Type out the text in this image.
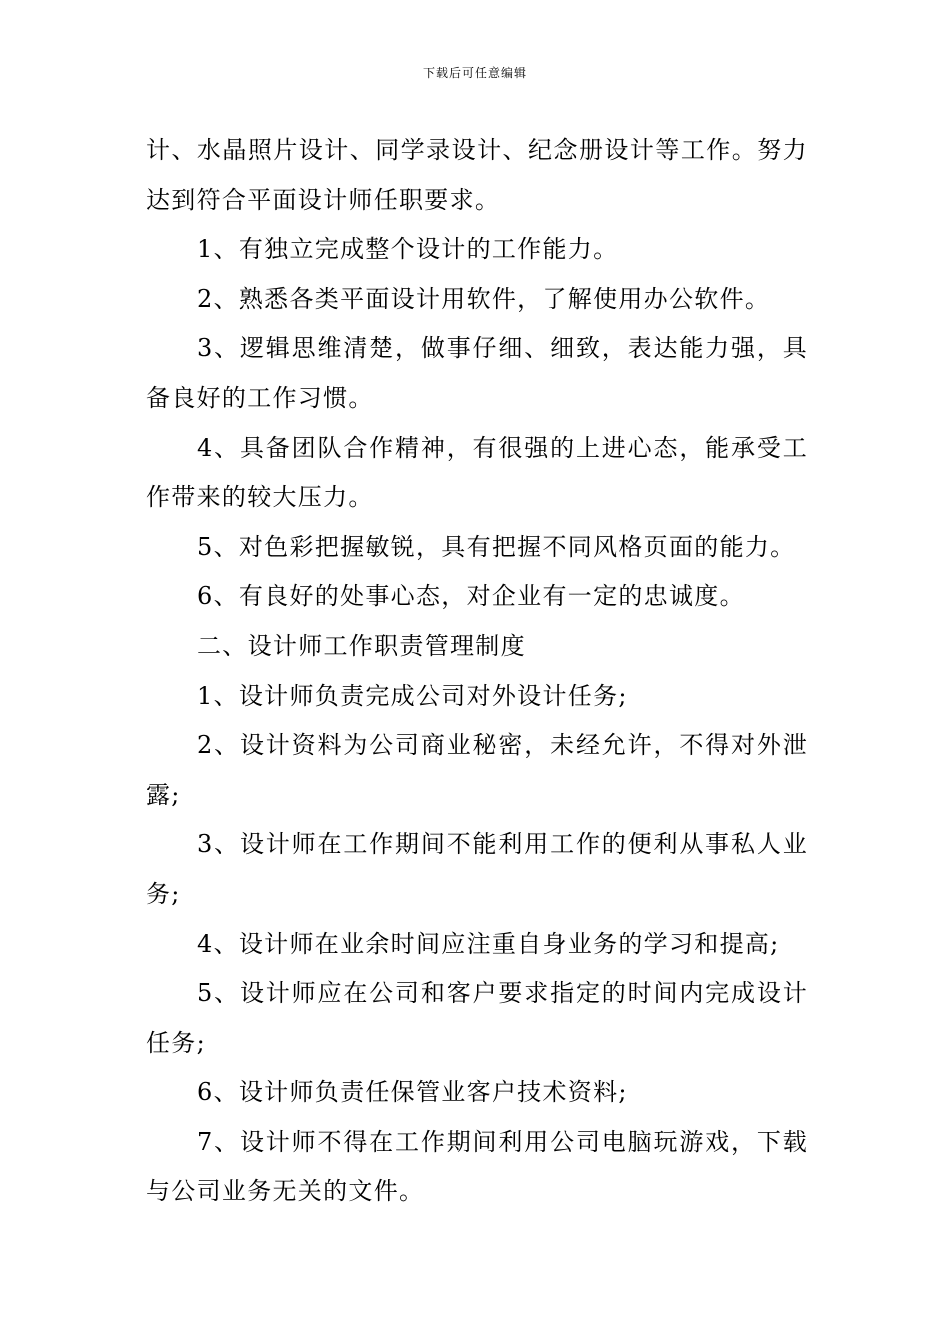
下载后可任意编辑

计、水晶照片设计、同学录设计、纪念册设计等工作。努力达到符合平面设计师任职要求。

1、有独立完成整个设计的工作能力。

2、熟悉各类平面设计用软件，了解使用办公软件。

3、逻辑思维清楚，做事仔细、细致，表达能力强，具备良好的工作习惯。

4、具备团队合作精神，有很强的上进心态，能承受工作带来的较大压力。

5、对色彩把握敏锐，具有把握不同风格页面的能力。

6、有良好的处事心态，对企业有一定的忠诚度。

二、设计师工作职责管理制度

1、设计师负责完成公司对外设计任务;

2、设计资料为公司商业秘密，未经允许，不得对外泄露;

3、设计师在工作期间不能利用工作的便利从事私人业务;

4、设计师在业余时间应注重自身业务的学习和提高;

5、设计师应在公司和客户要求指定的时间内完成设计任务;

6、设计师负责任保管业客户技术资料;

7、设计师不得在工作期间利用公司电脑玩游戏，下载与公司业务无关的文件。
